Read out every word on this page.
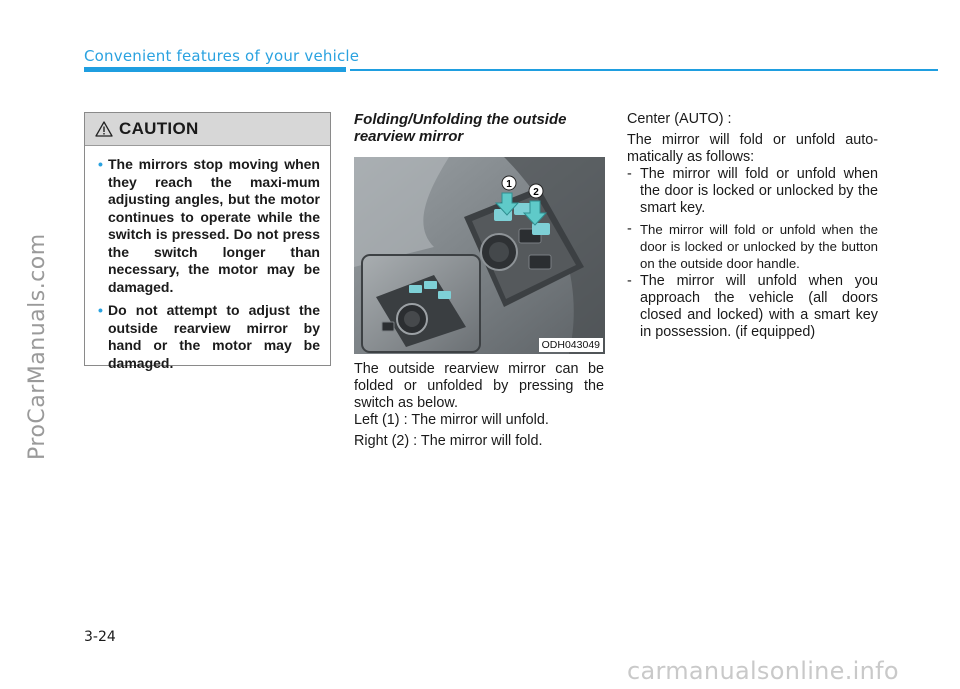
ProCarManuals.com
Convenient features of your vehicle
CAUTION
• The mirrors stop moving when they reach the maxi-mum adjusting angles, but the motor continues to operate while the switch is pressed. Do not press the switch longer than necessary, the motor may be damaged.
• Do not attempt to adjust the outside rearview mirror by hand or the motor may be damaged.
Folding/Unfolding the outside rearview mirror
1
2
ODH043049

The outside rearview mirror can be folded or unfolded by pressing the switch as below.

Left (1) : The mirror will unfold.

Right (2) : The mirror will fold.

Center (AUTO) :

The mirror will fold or unfold auto-matically as follows:

- The mirror will fold or unfold when the door is locked or unlocked by the smart key.
- The mirror will fold or unfold when the door is locked or unlocked by the button on the outside door handle.
- The mirror will unfold when you approach the vehicle (all doors closed and locked) with a smart key in possession. (if equipped)
3-24
carmanualsonline.info
